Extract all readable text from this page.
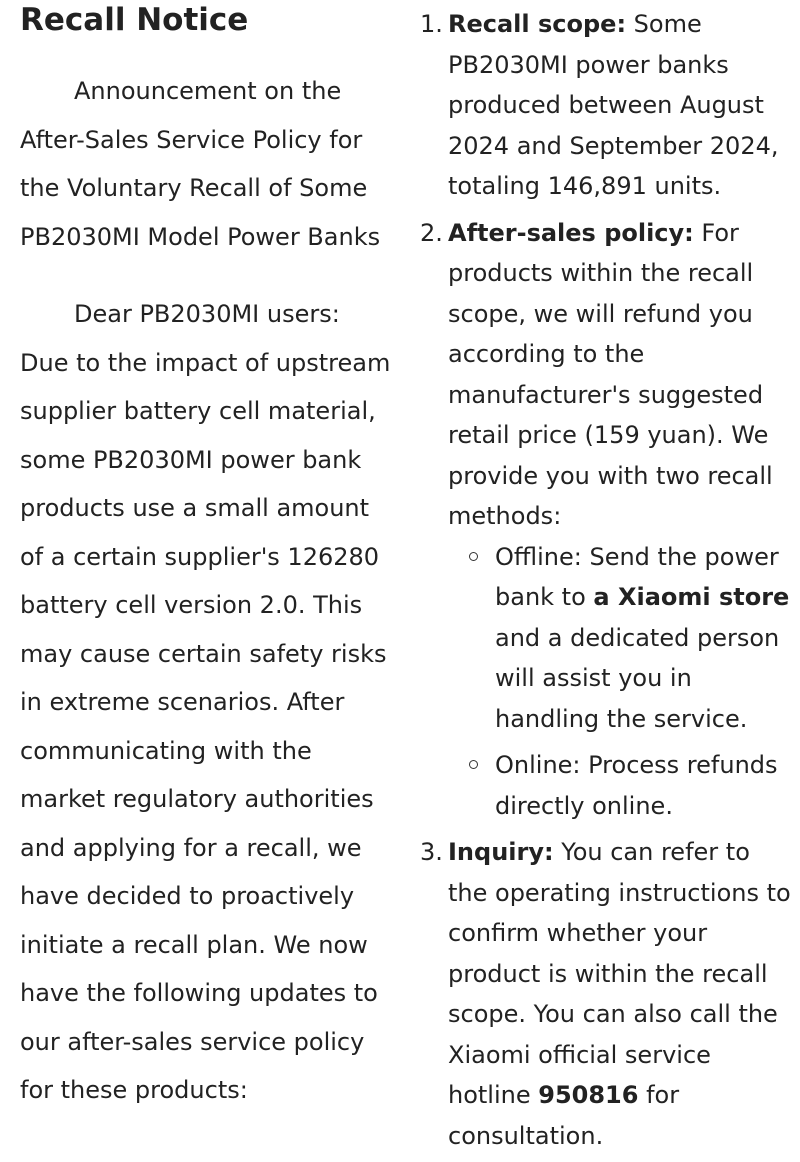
Recall Notice

Announcement on the After-Sales Service Policy for the Voluntary Recall of Some PB2030MI Model Power Banks

Dear PB2030MI users: Due to the impact of upstream supplier battery cell material, some PB2030MI power bank products use a small amount of a certain supplier's 126280 battery cell version 2.0. This may cause certain safety risks in extreme scenarios. After communicating with the market regulatory authorities and applying for a recall, we have decided to proactively initiate a recall plan. We now have the following updates to our after-sales service policy for these products:

1. Recall scope: Some PB2030MI power banks produced between August 2024 and September 2024, totaling 146,891 units.
2. After-sales policy: For products within the recall scope, we will refund you according to the manufacturer's suggested retail price (159 yuan). We provide you with two recall methods:
Offline: Send the power bank to a Xiaomi store and a dedicated person will assist you in handling the service.
Online: Process refunds directly online.
3. Inquiry: You can refer to the operating instructions to confirm whether your product is within the recall scope. You can also call the Xiaomi official service hotline 950816 for consultation.
